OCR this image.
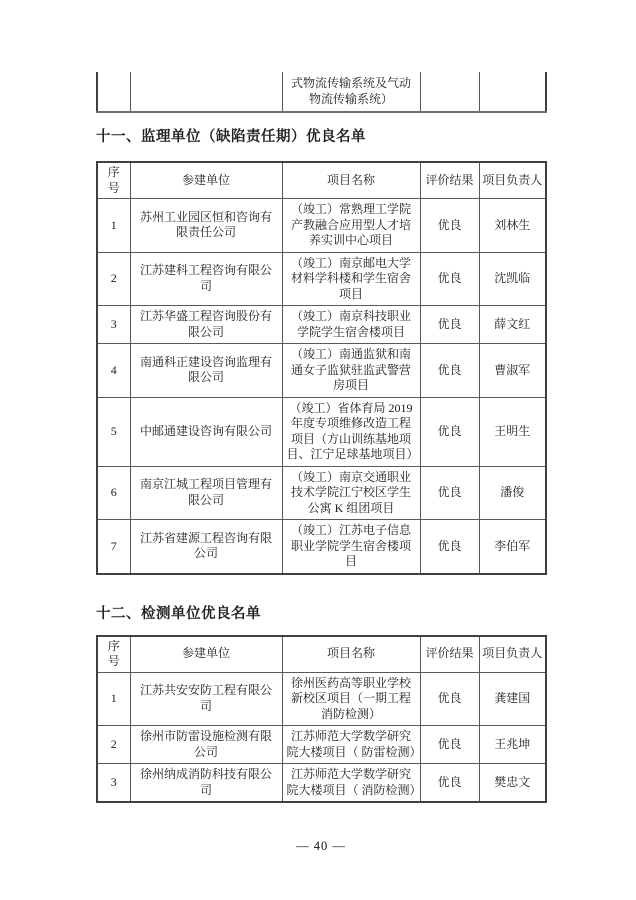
		式物流传输系统及气动物流传输系统）		
十一、监理单位（缺陷责任期）优良名单
序号	参建单位	项目名称	评价结果	项目负责人
1	苏州工业园区恒和咨询有限责任公司	（竣工）常熟理工学院产教融合应用型人才培养实训中心项目	优良	刘林生
2	江苏建科工程咨询有限公司	（竣工）南京邮电大学材料学科楼和学生宿舍项目	优良	沈凯临
3	江苏华盛工程咨询股份有限公司	（竣工）南京科技职业学院学生宿舍楼项目	优良	薛文红
4	南通科正建设咨询监理有限公司	（竣工）南通监狱和南通女子监狱驻监武警营房项目	优良	曹淑军
5	中邮通建设咨询有限公司	（竣工）省体育局 2019 年度专项维修改造工程项目（方山训练基地项目、江宁足球基地项目）	优良	王明生
6	南京江城工程项目管理有限公司	（竣工）南京交通职业技术学院江宁校区学生公寓 K 组团项目	优良	潘俊
7	江苏省建源工程咨询有限公司	（竣工）江苏电子信息职业学院学生宿舍楼项目	优良	李伯军
十二、检测单位优良名单
序号	参建单位	项目名称	评价结果	项目负责人
1	江苏共安安防工程有限公司	徐州医药高等职业学校新校区项目（一期工程消防检测）	优良	龚建国
2	徐州市防雷设施检测有限公司	江苏师范大学数学研究院大楼项目（ 防雷检测）	优良	王兆坤
3	徐州纳成消防科技有限公司	江苏师范大学数学研究院大楼项目（ 消防检测）	优良	樊忠文
— 40 —
